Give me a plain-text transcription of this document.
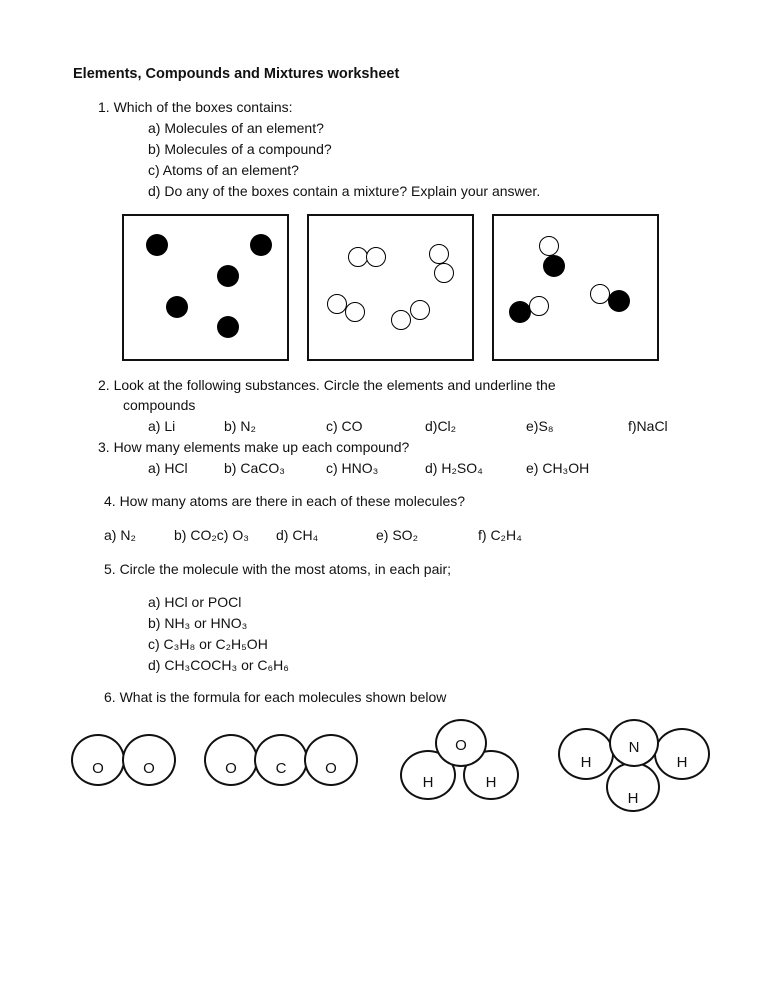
Elements, Compounds and Mixtures worksheet
1. Which of the boxes contains:
a) Molecules of an element?
b) Molecules of a compound?
c) Atoms of an element?
d) Do any of the boxes contain a mixture? Explain your answer.
2. Look at the following substances. Circle the elements and underline the
compounds
a) Li	b) N₂	c) CO	d)Cl₂	e)S₈	f)NaCl
3. How many elements make up each compound?
a) HCl	b) CaCO₃	c) HNO₃	d) H₂SO₄	e) CH₃OH
4. How many atoms are there in each of these molecules?
a) N₂	b) CO₂c) O₃ d) CH₄	e) SO₂	f) C₂H₄
5. Circle the molecule with the most atoms, in each pair;
a) HCl or POCl
b) NH₃ or HNO₃
c) C₃H₈ or C₂H₅OH
d) CH₃COCH₃ or C₆H₆
6. What is the formula for each molecules shown below
O	O	O	C	O
H	H
O
H	H
H
N
